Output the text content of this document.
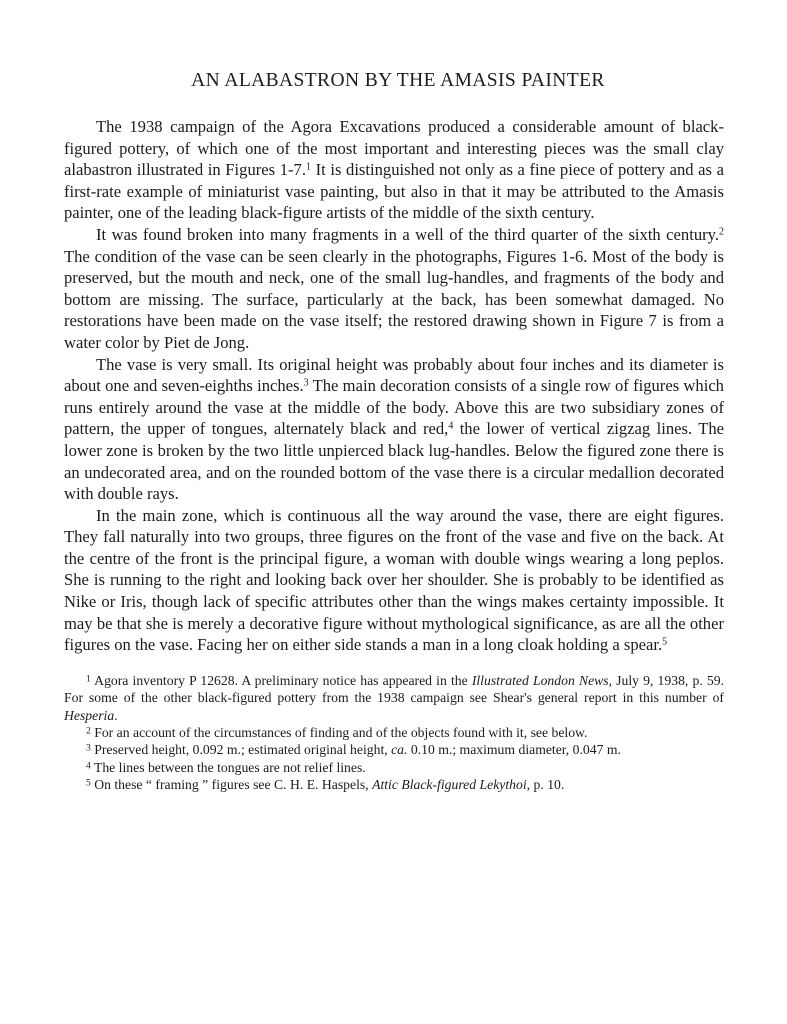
AN ALABASTRON BY THE AMASIS PAINTER

The 1938 campaign of the Agora Excavations produced a considerable amount of black-figured pottery, of which one of the most important and interesting pieces was the small clay alabastron illustrated in Figures 1-7.$^1$ It is distinguished not only as a fine piece of pottery and as a first-rate example of miniaturist vase painting, but also in that it may be attributed to the Amasis painter, one of the leading black-figure artists of the middle of the sixth century.

It was found broken into many fragments in a well of the third quarter of the sixth century.$^2$ The condition of the vase can be seen clearly in the photographs, Figures 1-6. Most of the body is preserved, but the mouth and neck, one of the small lug-handles, and fragments of the body and bottom are missing. The surface, particularly at the back, has been somewhat damaged. No restorations have been made on the vase itself; the restored drawing shown in Figure 7 is from a water color by Piet de Jong.

The vase is very small. Its original height was probably about four inches and its diameter is about one and seven-eighths inches.$^3$ The main decoration consists of a single row of figures which runs entirely around the vase at the middle of the body. Above this are two subsidiary zones of pattern, the upper of tongues, alternately black and red,$^4$ the lower of vertical zigzag lines. The lower zone is broken by the two little unpierced black lug-handles. Below the figured zone there is an undecorated area, and on the rounded bottom of the vase there is a circular medallion decorated with double rays.

In the main zone, which is continuous all the way around the vase, there are eight figures. They fall naturally into two groups, three figures on the front of the vase and five on the back. At the centre of the front is the principal figure, a woman with double wings wearing a long peplos. She is running to the right and looking back over her shoulder. She is probably to be identified as Nike or Iris, though lack of specific attributes other than the wings makes certainty impossible. It may be that she is merely a decorative figure without mythological significance, as are all the other figures on the vase. Facing her on either side stands a man in a long cloak holding a spear.$^5$

$^1$ Agora inventory P 12628. A preliminary notice has appeared in the Illustrated London News, July 9, 1938, p. 59. For some of the other black-figured pottery from the 1938 campaign see Shear's general report in this number of Hesperia.

$^2$ For an account of the circumstances of finding and of the objects found with it, see below.

$^3$ Preserved height, 0.092 m.; estimated original height, ca. 0.10 m.; maximum diameter, 0.047 m.

$^4$ The lines between the tongues are not relief lines.

$^5$ On these “ framing ” figures see C. H. E. Haspels, Attic Black-figured Lekythoi, p. 10.
